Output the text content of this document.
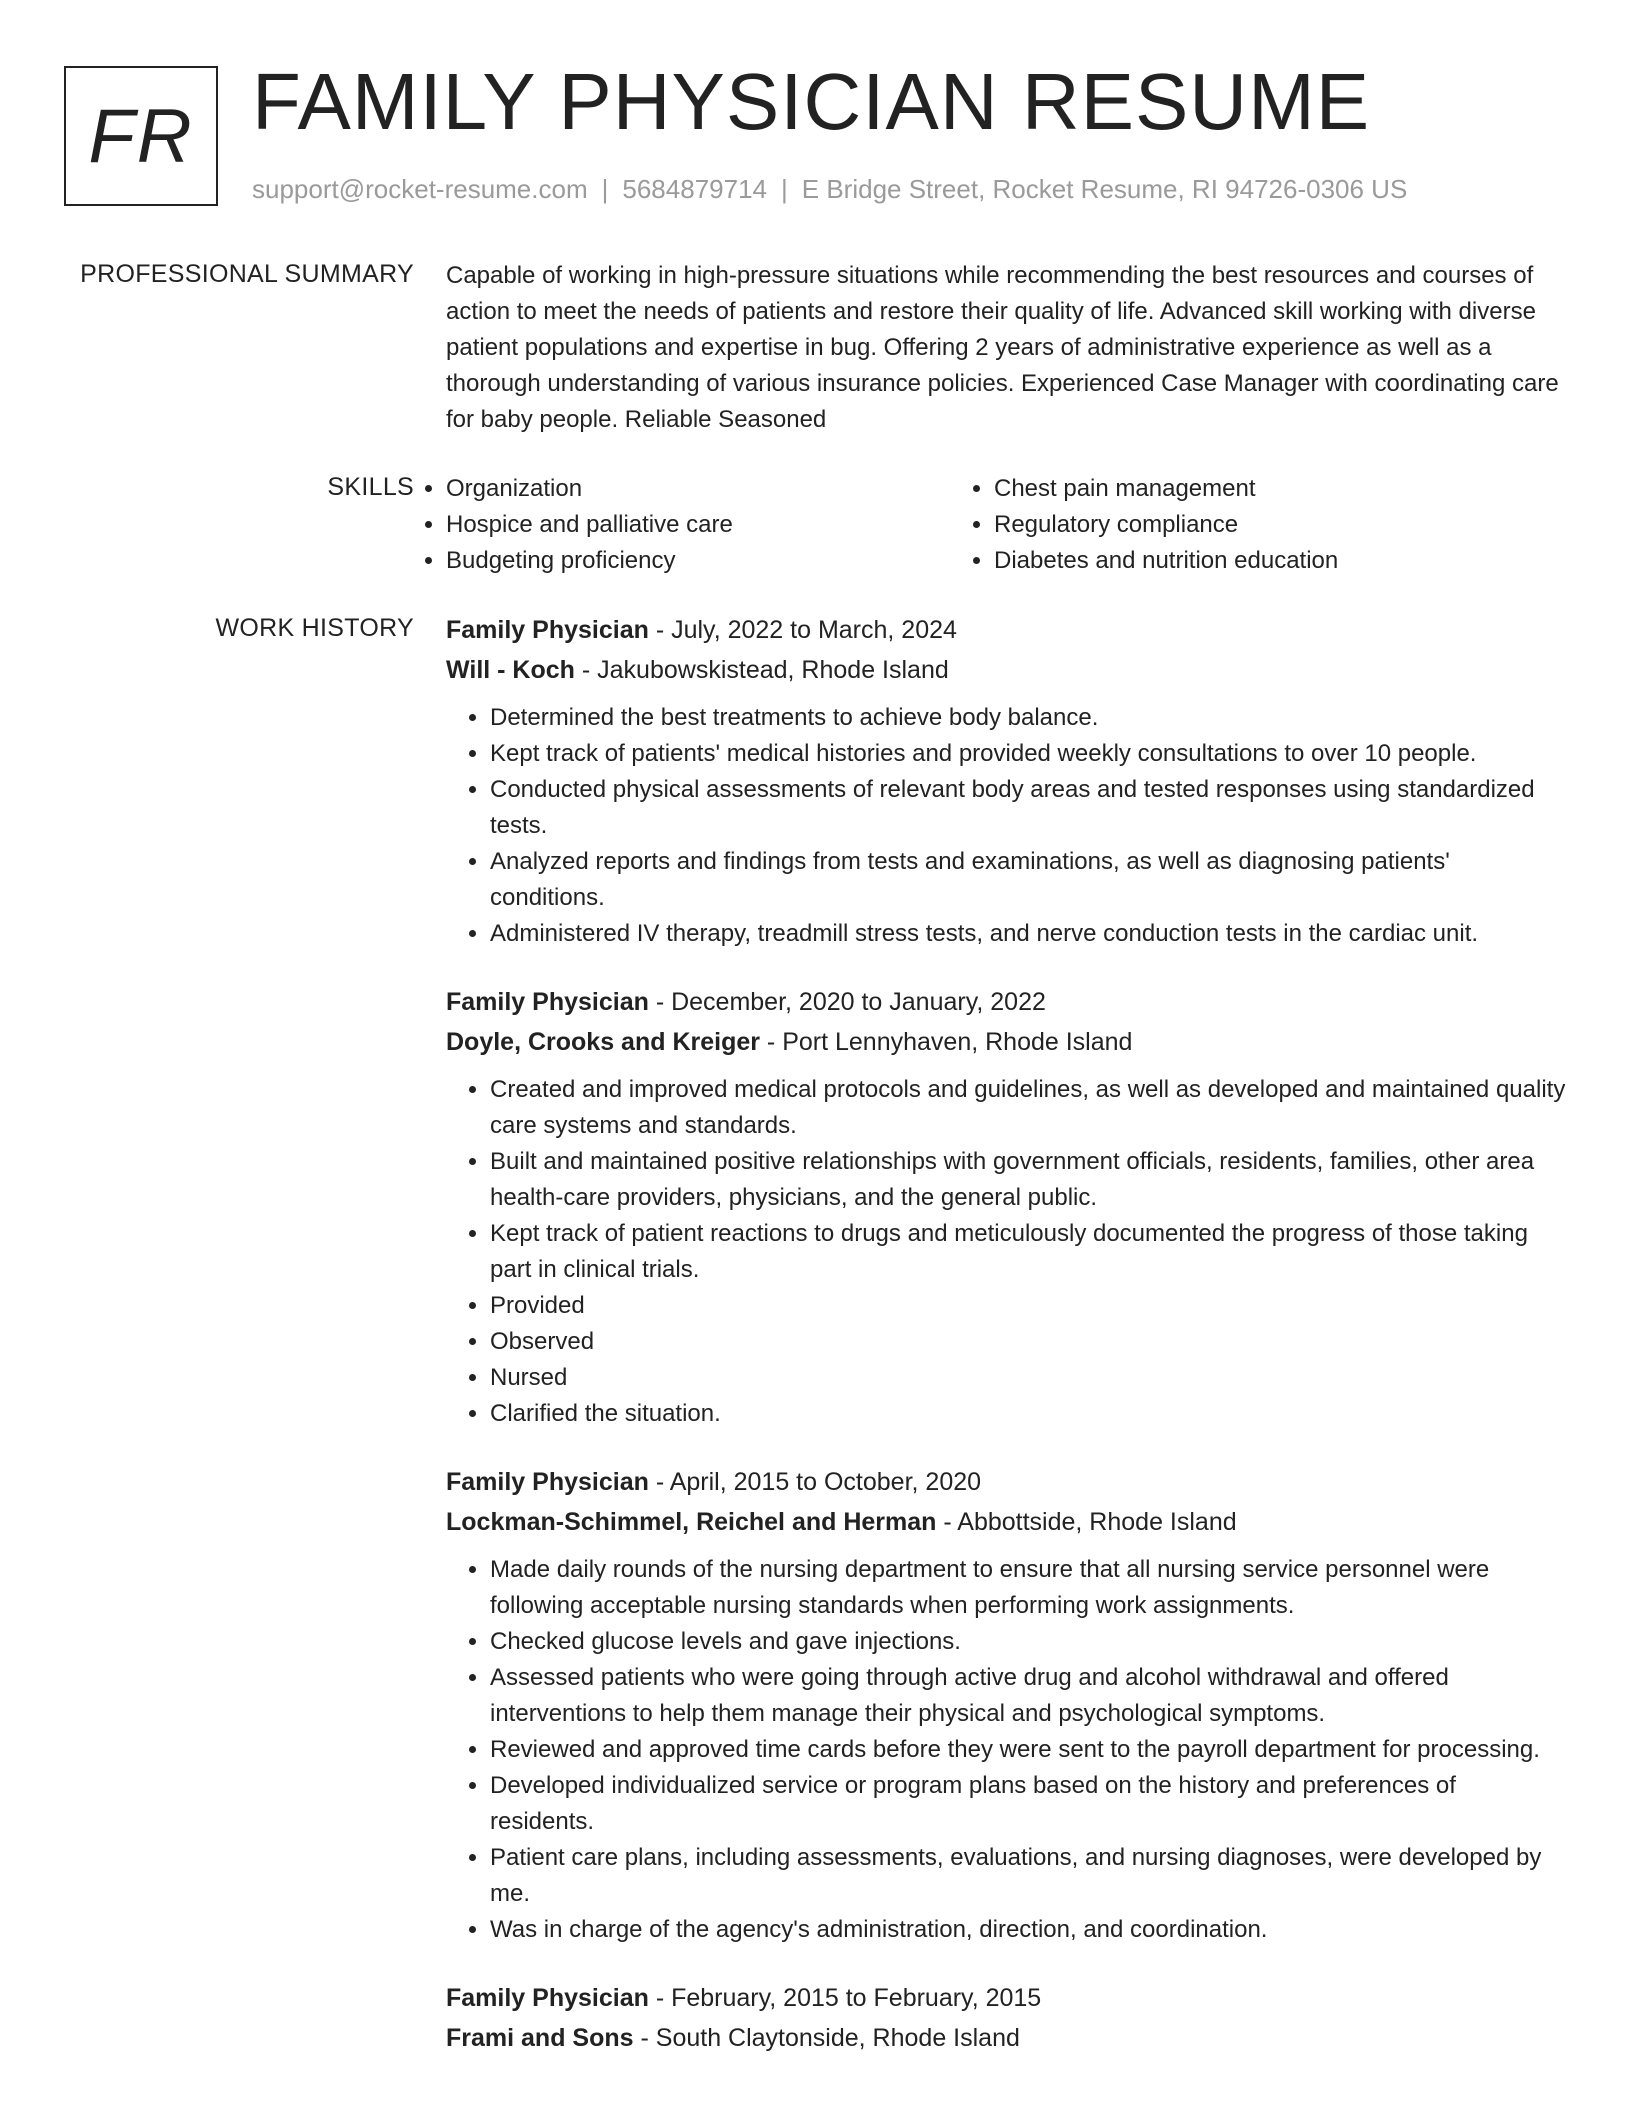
FR FAMILY PHYSICIAN RESUME
support@rocket-resume.com | 5684879714 | E Bridge Street, Rocket Resume, RI 94726-0306 US
PROFESSIONAL SUMMARY Capable of working in high-pressure situations while recommending the best resources and courses of action to meet the needs of patients and restore their quality of life. Advanced skill working with diverse patient populations and expertise in bug. Offering 2 years of administrative experience as well as a thorough understanding of various insurance policies. Experienced Case Manager with coordinating care for baby people. Reliable Seasoned

SKILLS • Organization	• Chest pain management
• Hospice and palliative care	• Regulatory compliance
• Budgeting proficiency	• Diabetes and nutrition education
WORK HISTORY Family Physician - July, 2022 to March, 2024
Will - Koch - Jakubowskistead, Rhode Island
• Determined the best treatments to achieve body balance.
• Kept track of patients' medical histories and provided weekly consultations to over 10 people.
• Conducted physical assessments of relevant body areas and tested responses using standardized tests.
• Analyzed reports and findings from tests and examinations, as well as diagnosing patients' conditions.
• Administered IV therapy, treadmill stress tests, and nerve conduction tests in the cardiac unit.
Family Physician - December, 2020 to January, 2022
Doyle, Crooks and Kreiger - Port Lennyhaven, Rhode Island
• Created and improved medical protocols and guidelines, as well as developed and maintained quality care systems and standards.
• Built and maintained positive relationships with government officials, residents, families, other area health-care providers, physicians, and the general public.
• Kept track of patient reactions to drugs and meticulously documented the progress of those taking part in clinical trials.
• Provided
• Observed
• Nursed
• Clarified the situation.
Family Physician - April, 2015 to October, 2020
Lockman-Schimmel, Reichel and Herman - Abbottside, Rhode Island
• Made daily rounds of the nursing department to ensure that all nursing service personnel were following acceptable nursing standards when performing work assignments.
• Checked glucose levels and gave injections.
• Assessed patients who were going through active drug and alcohol withdrawal and offered interventions to help them manage their physical and psychological symptoms.
• Reviewed and approved time cards before they were sent to the payroll department for processing.
• Developed individualized service or program plans based on the history and preferences of residents.
• Patient care plans, including assessments, evaluations, and nursing diagnoses, were developed by me.
• Was in charge of the agency's administration, direction, and coordination.
Family Physician - February, 2015 to February, 2015
Frami and Sons - South Claytonside, Rhode Island
